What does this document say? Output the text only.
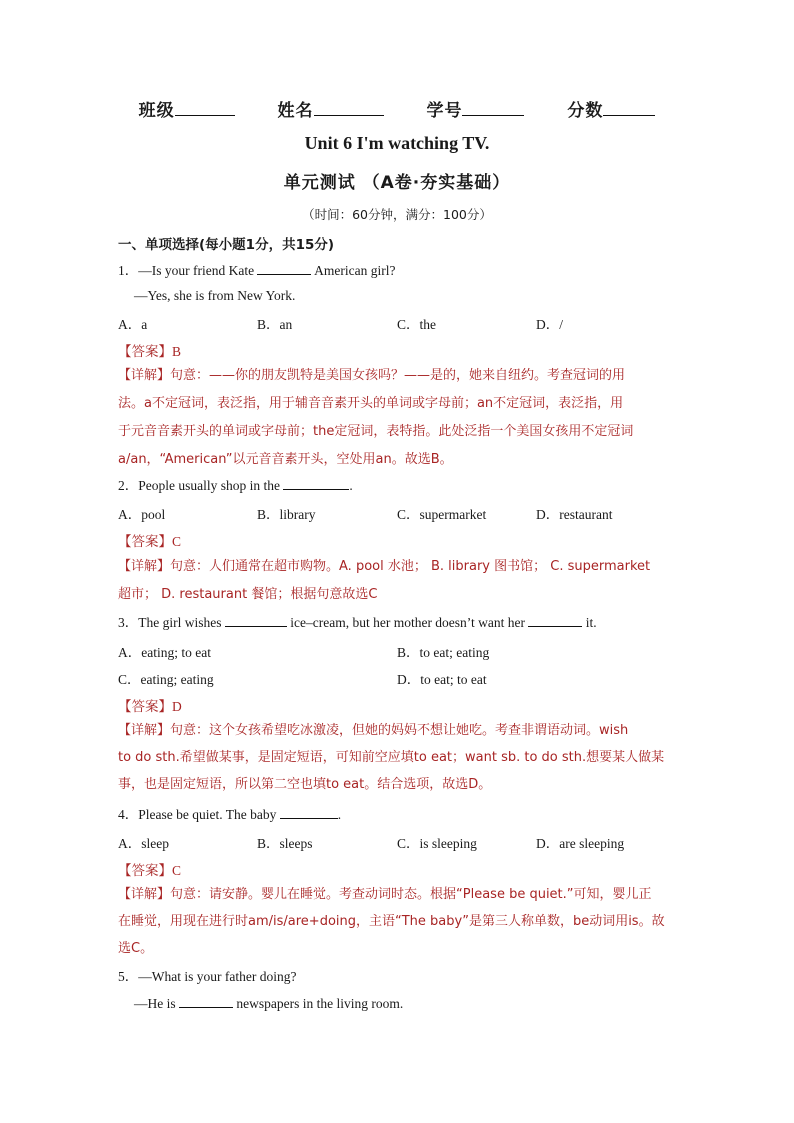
班级	姓名	学号	分数
Unit 6 I'm watching TV.
单元测试 （A卷·夯实基础）
（时间：60分钟，满分：100分）
一、单项选择(每小题1分，共15分)
1．—Is your friend Kate	American girl?
—Yes, she is from New York.
A．a	B．an	C．the	D．/
【答案】B
【详解】句意：——你的朋友凯特是美国女孩吗？——是的，她来自纽约。考查冠词的用
法。a不定冠词，表泛指，用于辅音音素开头的单词或字母前；an不定冠词，表泛指，用
于元音音素开头的单词或字母前；the定冠词，表特指。此处泛指一个美国女孩用不定冠词
a/an，“American”以元音音素开头，空处用an。故选B。
2．People usually shop in the	.
A．pool	B．library	C．supermarket	D．restaurant
【答案】C
【详解】句意：人们通常在超市购物。A. pool 水池； B. library 图书馆； C. supermarket
超市； D. restaurant 餐馆；根据句意故选C
3．The girl wishes	ice–cream, but her mother doesn’t want her	it.
A．eating; to eat	B．to eat; eating
C．eating; eating	D．to eat; to eat
【答案】D
【详解】句意：这个女孩希望吃冰激凌，但她的妈妈不想让她吃。考查非谓语动词。wish
to do sth.希望做某事，是固定短语，可知前空应填to eat；want sb. to do sth.想要某人做某
事，也是固定短语，所以第二空也填to eat。结合选项，故选D。
4．Please be quiet. The baby	.
A．sleep	B．sleeps	C．is sleeping	D．are sleeping
【答案】C
【详解】句意：请安静。婴儿在睡觉。考查动词时态。根据“Please be quiet.”可知，婴儿正
在睡觉，用现在进行时am/is/are+doing，主语“The baby”是第三人称单数，be动词用is。故
选C。
5．—What is your father doing?
—He is	newspapers in the living room.
